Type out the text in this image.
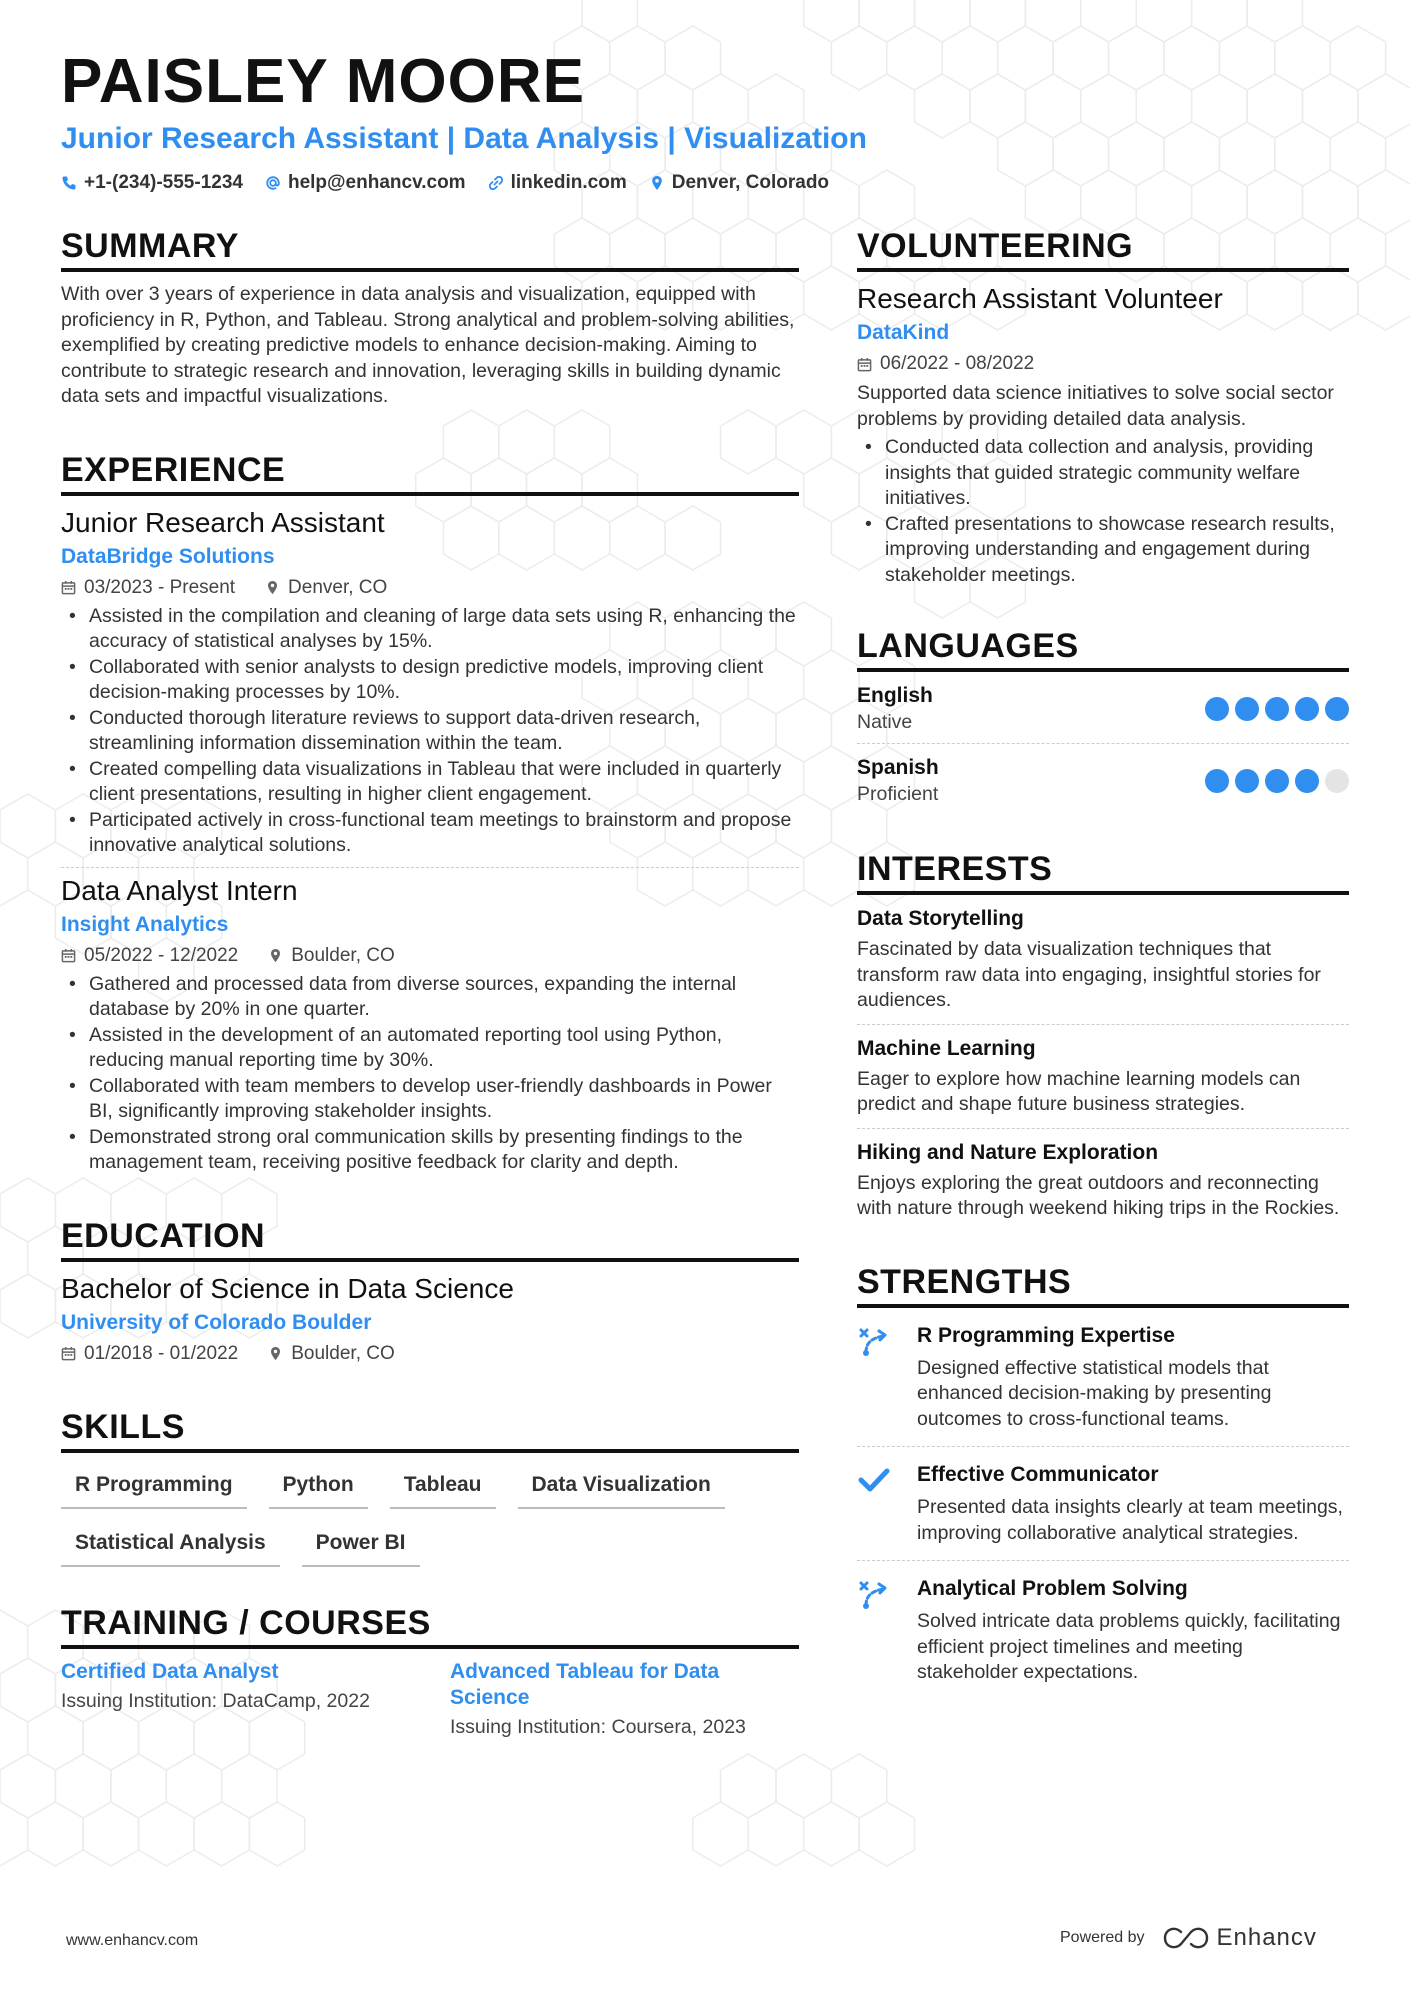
PAISLEY MOORE
Junior Research Assistant | Data Analysis | Visualization
+1-(234)-555-1234 help@enhancv.com linkedin.com Denver, Colorado
SUMMARY
With over 3 years of experience in data analysis and visualization, equipped with proficiency in R, Python, and Tableau. Strong analytical and problem-solving abilities, exemplified by creating predictive models to enhance decision-making. Aiming to contribute to strategic research and innovation, leveraging skills in building dynamic data sets and impactful visualizations.
EXPERIENCE
Junior Research Assistant
DataBridge Solutions
03/2023 - Present	Denver, CO
• Assisted in the compilation and cleaning of large data sets using R, enhancing the accuracy of statistical analyses by 15%.
• Collaborated with senior analysts to design predictive models, improving client decision-making processes by 10%.
• Conducted thorough literature reviews to support data-driven research, streamlining information dissemination within the team.
• Created compelling data visualizations in Tableau that were included in quarterly client presentations, resulting in higher client engagement.
• Participated actively in cross-functional team meetings to brainstorm and propose innovative analytical solutions.
Data Analyst Intern
Insight Analytics
05/2022 - 12/2022	Boulder, CO
• Gathered and processed data from diverse sources, expanding the internal database by 20% in one quarter.
• Assisted in the development of an automated reporting tool using Python, reducing manual reporting time by 30%.
• Collaborated with team members to develop user-friendly dashboards in Power BI, significantly improving stakeholder insights.
• Demonstrated strong oral communication skills by presenting findings to the management team, receiving positive feedback for clarity and depth.
EDUCATION
Bachelor of Science in Data Science
University of Colorado Boulder
01/2018 - 01/2022	Boulder, CO
SKILLS
R Programming	Python	Tableau	Data Visualization
Statistical Analysis	Power BI
TRAINING / COURSES
Certified Data Analyst
Issuing Institution: DataCamp, 2022
Advanced Tableau for Data Science
Issuing Institution: Coursera, 2023
VOLUNTEERING
Research Assistant Volunteer
DataKind
06/2022 - 08/2022
Supported data science initiatives to solve social sector problems by providing detailed data analysis.
• Conducted data collection and analysis, providing insights that guided strategic community welfare initiatives.
• Crafted presentations to showcase research results, improving understanding and engagement during stakeholder meetings.
LANGUAGES
English
Native
Spanish
Proficient
INTERESTS
Data Storytelling
Fascinated by data visualization techniques that transform raw data into engaging, insightful stories for audiences.
Machine Learning
Eager to explore how machine learning models can predict and shape future business strategies.
Hiking and Nature Exploration
Enjoys exploring the great outdoors and reconnecting with nature through weekend hiking trips in the Rockies.
STRENGTHS
R Programming Expertise
Designed effective statistical models that enhanced decision-making by presenting outcomes to cross-functional teams.
Effective Communicator
Presented data insights clearly at team meetings, improving collaborative analytical strategies.
Analytical Problem Solving
Solved intricate data problems quickly, facilitating efficient project timelines and meeting stakeholder expectations.
www.enhancv.com	Powered by	Enhancv
